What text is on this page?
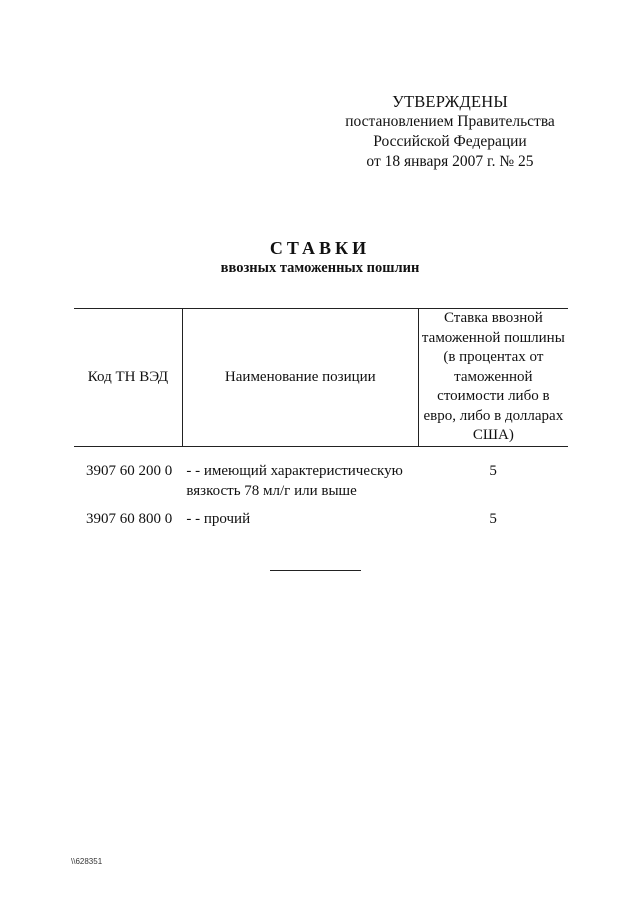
УТВЕРЖДЕНЫ
постановлением Правительства
Российской Федерации
от 18 января 2007 г. № 25
СТАВКИ
ввозных таможенных пошлин
Код ТН ВЭД	Наименование позиции	Ставка ввозной таможенной пошлины (в процентах от таможенной стоимости либо в евро, либо в долларах США)
3907 60 200 0	- - имеющий характеристическую вязкость 78 мл/г или выше	5
3907 60 800 0	- - прочий	5
\\628351
